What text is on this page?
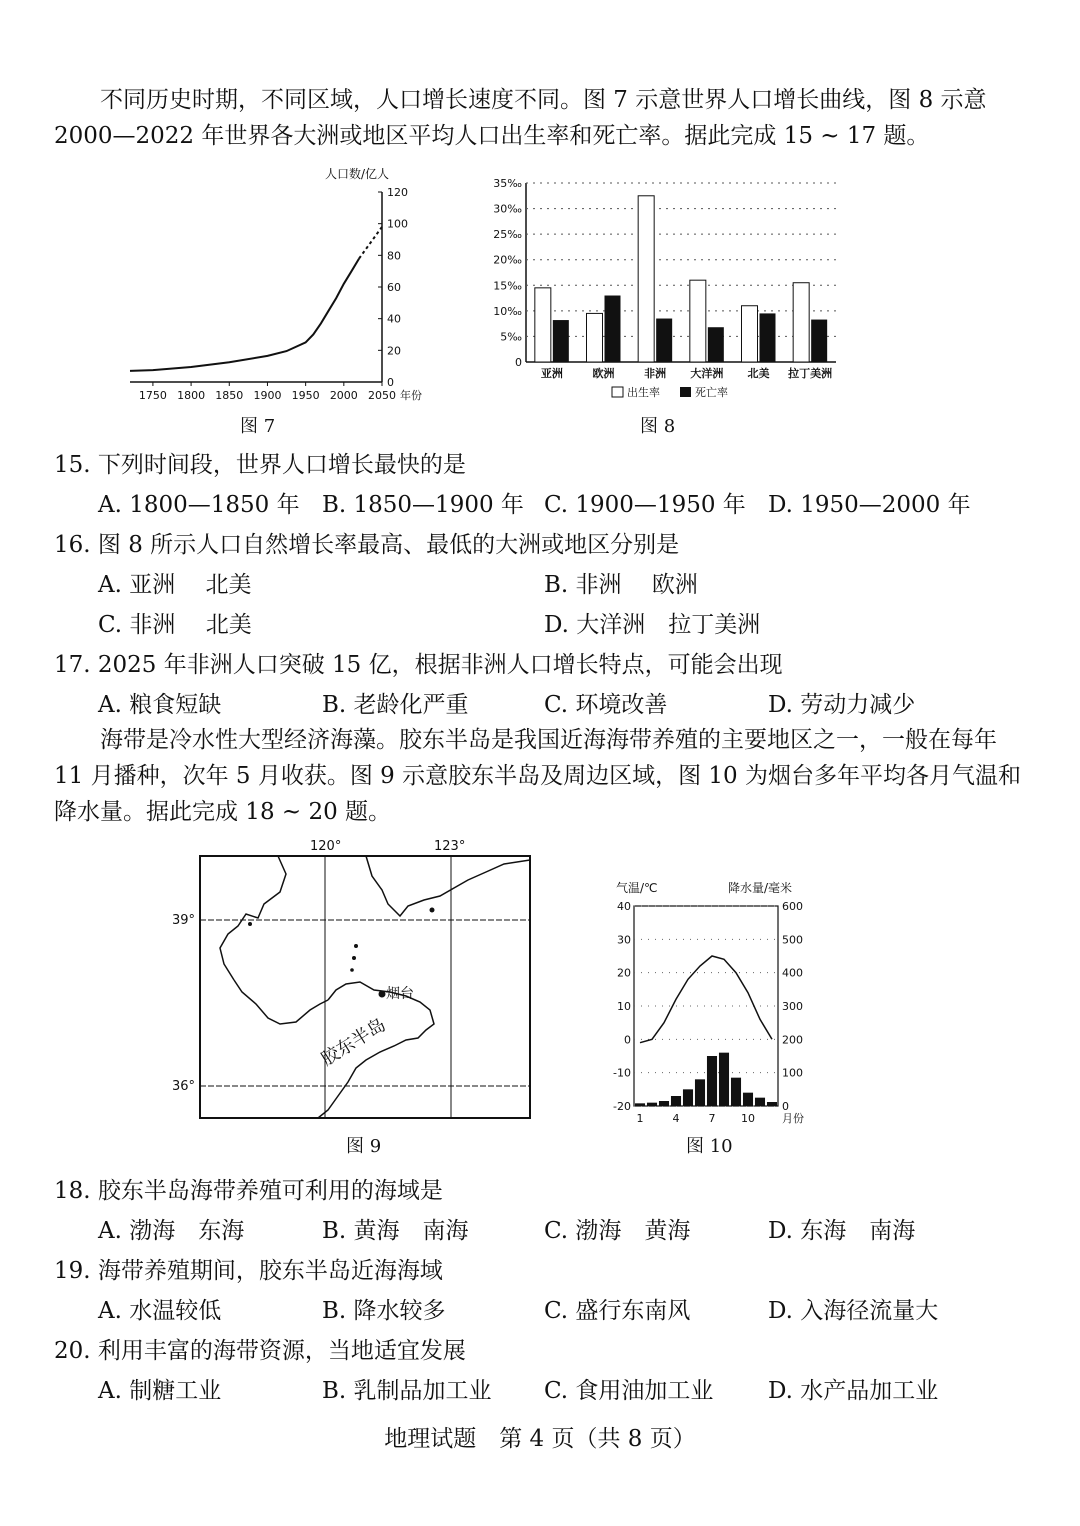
不同历史时期，不同区域，人口增长速度不同。图 7 示意世界人口增长曲线，图 8 示意
2000—2022 年世界各大洲或地区平均人口出生率和死亡率。据此完成 15 ~ 17 题。
人口数/亿人
0
20
40
60
80
100
120
1750 1800 1850 1900 1950 2000 2050 年份
图 7
0
5‰
10‰
15‰
20‰
25‰
30‰
35‰
亚洲	欧洲	非洲 大洋洲 北美 拉丁美洲
出生率	死亡率
图 8
15. 下列时间段，世界人口增长最快的是
A. 1800—1850 年 B. 1850—1900 年 C. 1900—1950 年 D. 1950—2000 年
16. 图 8 所示人口自然增长率最高、最低的大洲或地区分别是
A. 亚洲　 北美	B. 非洲　 欧洲
C. 非洲　 北美	D. 大洋洲　拉丁美洲
17. 2025 年非洲人口突破 15 亿，根据非洲人口增长特点，可能会出现
A. 粮食短缺	B. 老龄化严重	C. 环境改善	D. 劳动力减少
海带是冷水性大型经济海藻。胶东半岛是我国近海海带养殖的主要地区之一，一般在每年
11 月播种，次年 5 月收获。图 9 示意胶东半岛及周边区域，图 10 为烟台多年平均各月气温和
降水量。据此完成 18 ~ 20 题。
120°	123°
39°
36°
烟台
胶东半岛
图 9
气温/℃	降水量/毫米
-20
-10
0
10
20
30
40
0
100
200
300
400
500
600
1	4	7 10 月份
图 10
18. 胶东半岛海带养殖可利用的海域是
A. 渤海　东海	B. 黄海　南海	C. 渤海　黄海	D. 东海　南海
19. 海带养殖期间，胶东半岛近海海域
A. 水温较低	B. 降水较多	C. 盛行东南风	D. 入海径流量大
20. 利用丰富的海带资源，当地适宜发展
A. 制糖工业	B. 乳制品加工业 C. 食用油加工业 D. 水产品加工业
地理试题　第 4 页（共 8 页）
